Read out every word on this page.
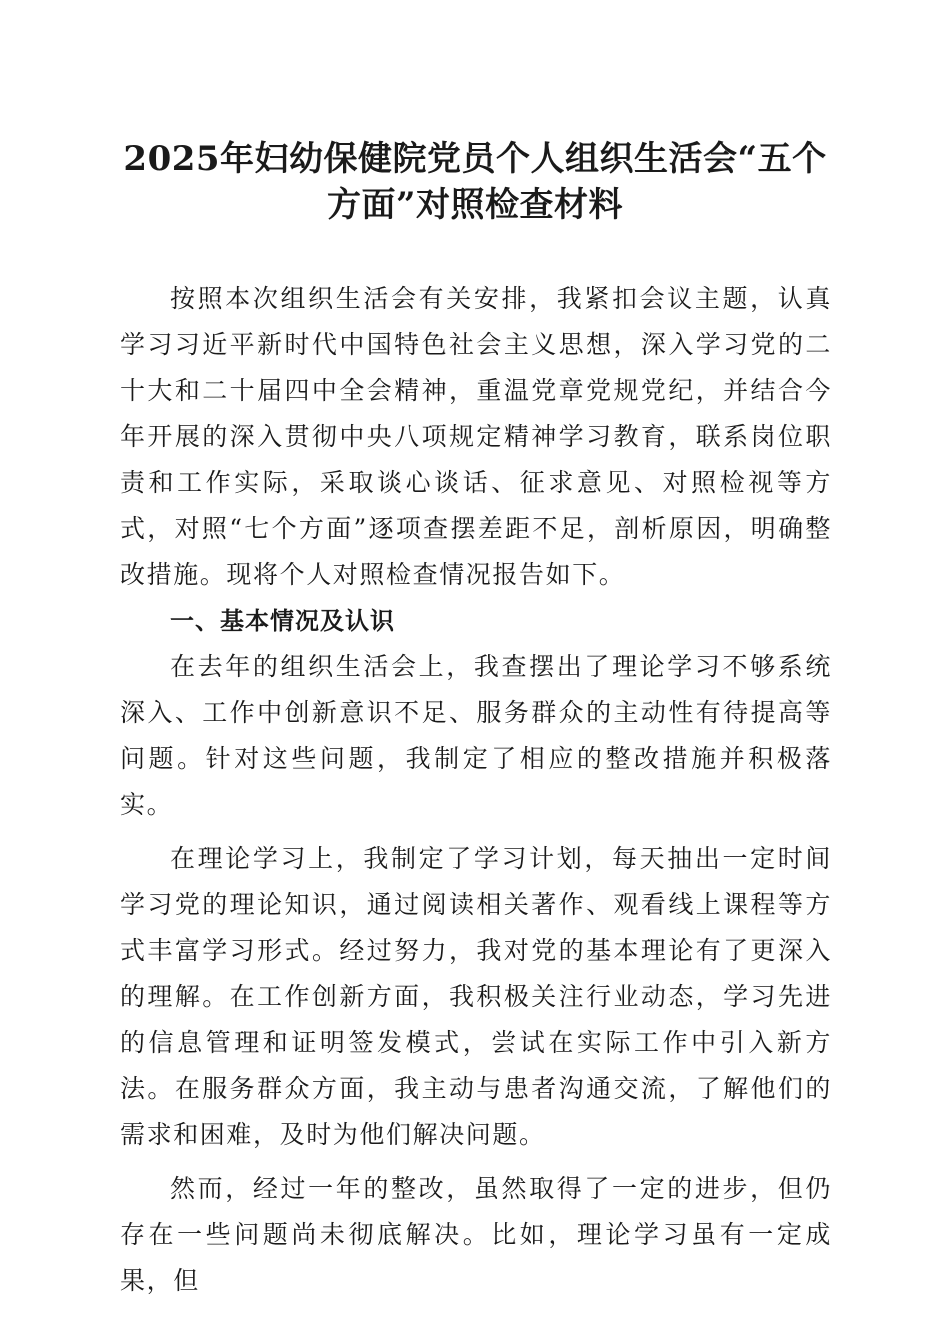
2025年妇幼保健院党员个人组织生活会“五个方面”对照检查材料

按照本次组织生活会有关安排，我紧扣会议主题，认真学习习近平新时代中国特色社会主义思想，深入学习党的二十大和二十届四中全会精神，重温党章党规党纪，并结合今年开展的深入贯彻中央八项规定精神学习教育，联系岗位职责和工作实际，采取谈心谈话、征求意见、对照检视等方式，对照“七个方面”逐项查摆差距不足，剖析原因，明确整改措施。现将个人对照检查情况报告如下。

一、基本情况及认识

在去年的组织生活会上，我查摆出了理论学习不够系统深入、工作中创新意识不足、服务群众的主动性有待提高等问题。针对这些问题，我制定了相应的整改措施并积极落实。

在理论学习上，我制定了学习计划，每天抽出一定时间学习党的理论知识，通过阅读相关著作、观看线上课程等方式丰富学习形式。经过努力，我对党的基本理论有了更深入的理解。在工作创新方面，我积极关注行业动态，学习先进的信息管理和证明签发模式，尝试在实际工作中引入新方法。在服务群众方面，我主动与患者沟通交流，了解他们的需求和困难，及时为他们解决问题。

然而，经过一年的整改，虽然取得了一定的进步，但仍存在一些问题尚未彻底解决。比如，理论学习虽有一定成果，但
